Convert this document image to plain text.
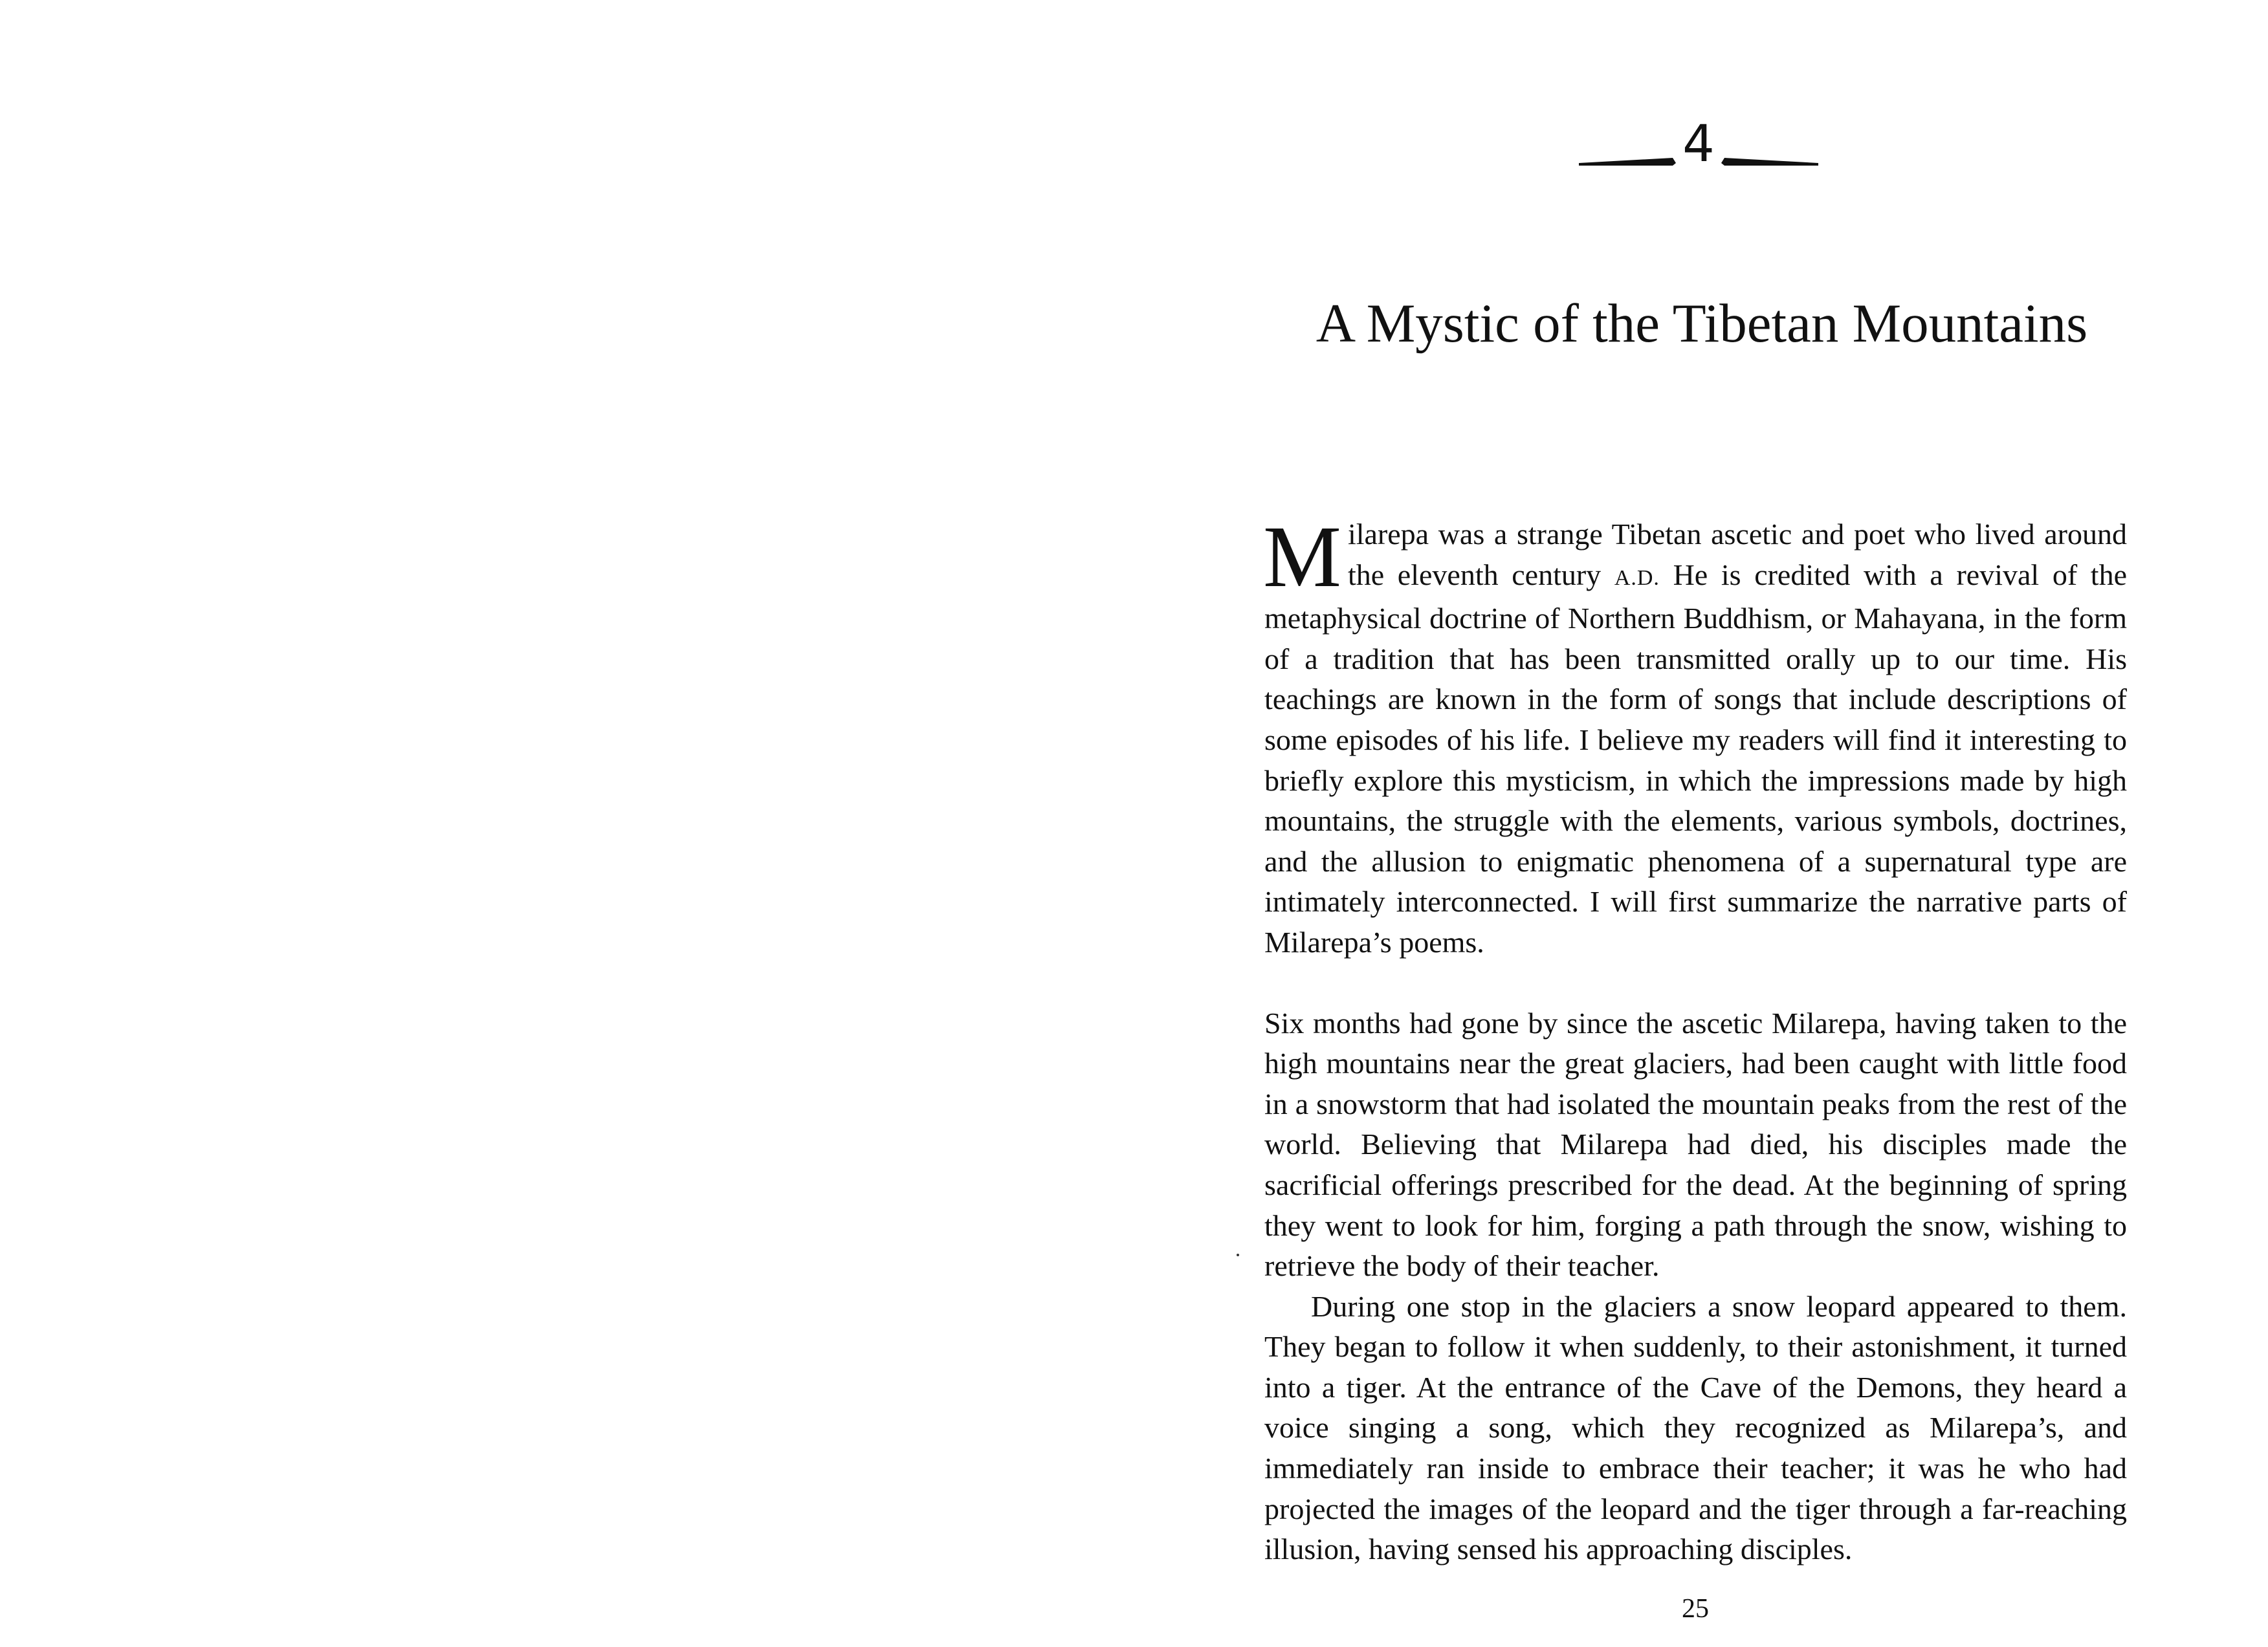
4
A Mystic of the Tibetan Mountains

Milarepa was a strange Tibetan ascetic and poet who lived around the eleventh century A.D. He is credited with a revival of the metaphysical doctrine of Northern Buddhism, or Mahayana, in the form of a tradition that has been transmitted orally up to our time. His teachings are known in the form of songs that include descriptions of some episodes of his life. I believe my readers will find it interesting to briefly explore this mysticism, in which the impressions made by high mountains, the struggle with the elements, various symbols, doctrines, and the allusion to enigmatic phenomena of a supernatural type are intimately interconnected. I will first summarize the narrative parts of Milarepa’s poems.

Six months had gone by since the ascetic Milarepa, having taken to the high mountains near the great glaciers, had been caught with little food in a snowstorm that had isolated the mountain peaks from the rest of the world. Believing that Milarepa had died, his disciples made the sacrificial offerings prescribed for the dead. At the beginning of spring they went to look for him, forging a path through the snow, wishing to retrieve the body of their teacher.

During one stop in the glaciers a snow leopard appeared to them. They began to follow it when suddenly, to their astonishment, it turned into a tiger. At the entrance of the Cave of the Demons, they heard a voice singing a song, which they recognized as Milarepa’s, and immediately ran inside to embrace their teacher; it was he who had projected the images of the leopard and the tiger through a far-reaching illusion, having sensed his approaching disciples.

25
